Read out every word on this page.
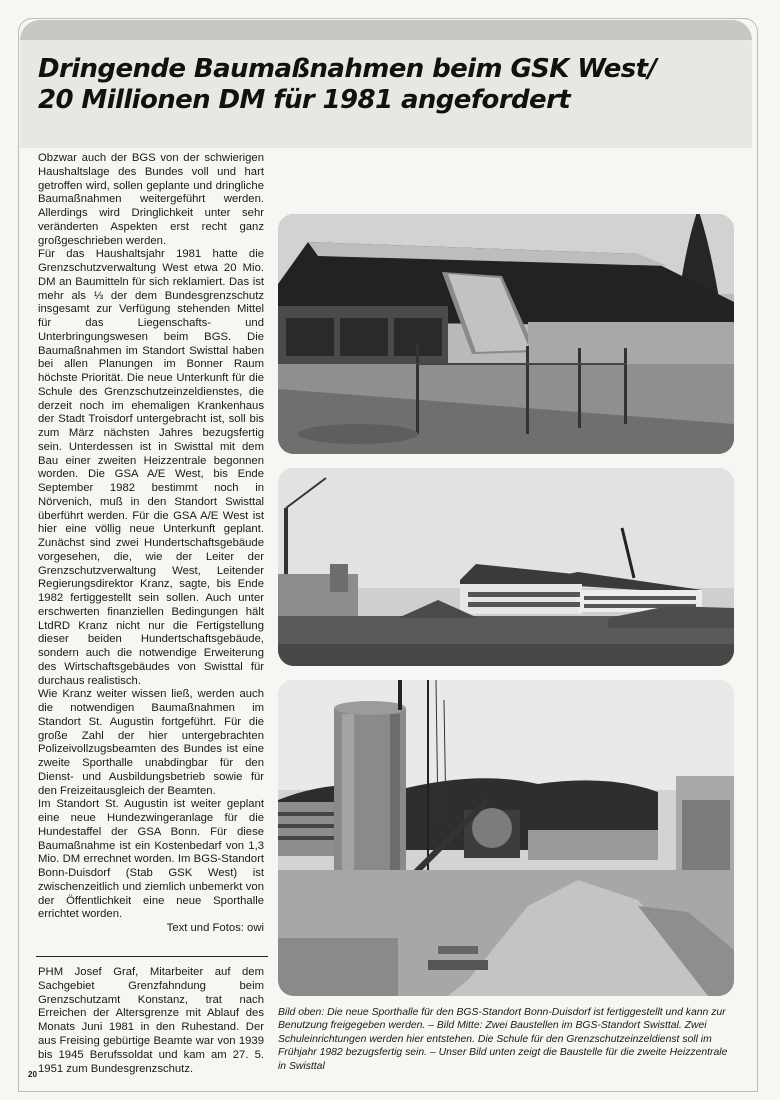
Dringende Baumaßnahmen beim GSK West/
20 Millionen DM für 1981 angefordert

Obzwar auch der BGS von der schwierigen Haushaltslage des Bundes voll und hart getroffen wird, sollen geplante und dringliche Baumaßnahmen weitergeführt werden. Allerdings wird Dringlichkeit unter sehr veränderten Aspekten erst recht ganz großgeschrieben werden.

Für das Haushaltsjahr 1981 hatte die Grenzschutzverwaltung West etwa 20 Mio. DM an Baumitteln für sich reklamiert. Das ist mehr als ⅓ der dem Bundesgrenzschutz insgesamt zur Verfügung stehenden Mittel für das Liegenschafts- und Unterbringungswesen beim BGS. Die Baumaßnahmen im Standort Swisttal haben bei allen Planungen im Bonner Raum höchste Priorität. Die neue Unterkunft für die Schule des Grenzschutzeinzeldienstes, die derzeit noch im ehemaligen Krankenhaus der Stadt Troisdorf untergebracht ist, soll bis zum März nächsten Jahres bezugsfertig sein. Unterdessen ist in Swisttal mit dem Bau einer zweiten Heizzentrale begonnen worden. Die GSA A/E West, bis Ende September 1982 bestimmt noch in Nörvenich, muß in den Standort Swisttal überführt werden. Für die GSA A/E West ist hier eine völlig neue Unterkunft geplant. Zunächst sind zwei Hundertschaftsgebäude vorgesehen, die, wie der Leiter der Grenzschutzverwaltung West, Leitender Regierungsdirektor Kranz, sagte, bis Ende 1982 fertiggestellt sein sollen. Auch unter erschwerten finanziellen Bedingungen hält LtdRD Kranz nicht nur die Fertigstellung dieser beiden Hundertschaftsgebäude, sondern auch die notwendige Erweiterung des Wirtschaftsgebäudes von Swisttal für durchaus realistisch.

Wie Kranz weiter wissen ließ, werden auch die notwendigen Baumaßnahmen im Standort St. Augustin fortgeführt. Für die große Zahl der hier untergebrachten Polizeivollzugsbeamten des Bundes ist eine zweite Sporthalle unabdingbar für den Dienst- und Ausbildungsbetrieb sowie für den Freizeitausgleich der Beamten.

Im Standort St. Augustin ist weiter geplant eine neue Hundezwingeranlage für die Hundestaffel der GSA Bonn. Für diese Baumaßnahme ist ein Kostenbedarf von 1,3 Mio. DM errechnet worden. Im BGS-Standort Bonn-Duisdorf (Stab GSK West) ist zwischenzeitlich und ziemlich unbemerkt von der Öffentlichkeit eine neue Sporthalle errichtet worden.

Text und Fotos: owi

PHM Josef Graf, Mitarbeiter auf dem Sachgebiet Grenzfahndung beim Grenzschutzamt Konstanz, trat nach Erreichen der Altersgrenze mit Ablauf des Monats Juni 1981 in den Ruhestand. Der aus Freising gebürtige Beamte war von 1939 bis 1945 Berufssoldat und kam am 27. 5. 1951 zum Bundesgrenzschutz.

20

Bild oben: Die neue Sporthalle für den BGS-Standort Bonn-Duisdorf ist fertiggestellt und kann zur Benutzung freigegeben werden. – Bild Mitte: Zwei Baustellen im BGS-Standort Swisttal. Zwei Schuleinrichtungen werden hier entstehen. Die Schule für den Grenzschutzeinzeldienst soll im Frühjahr 1982 bezugsfertig sein. – Unser Bild unten zeigt die Baustelle für die zweite Heizzentrale in Swisttal
